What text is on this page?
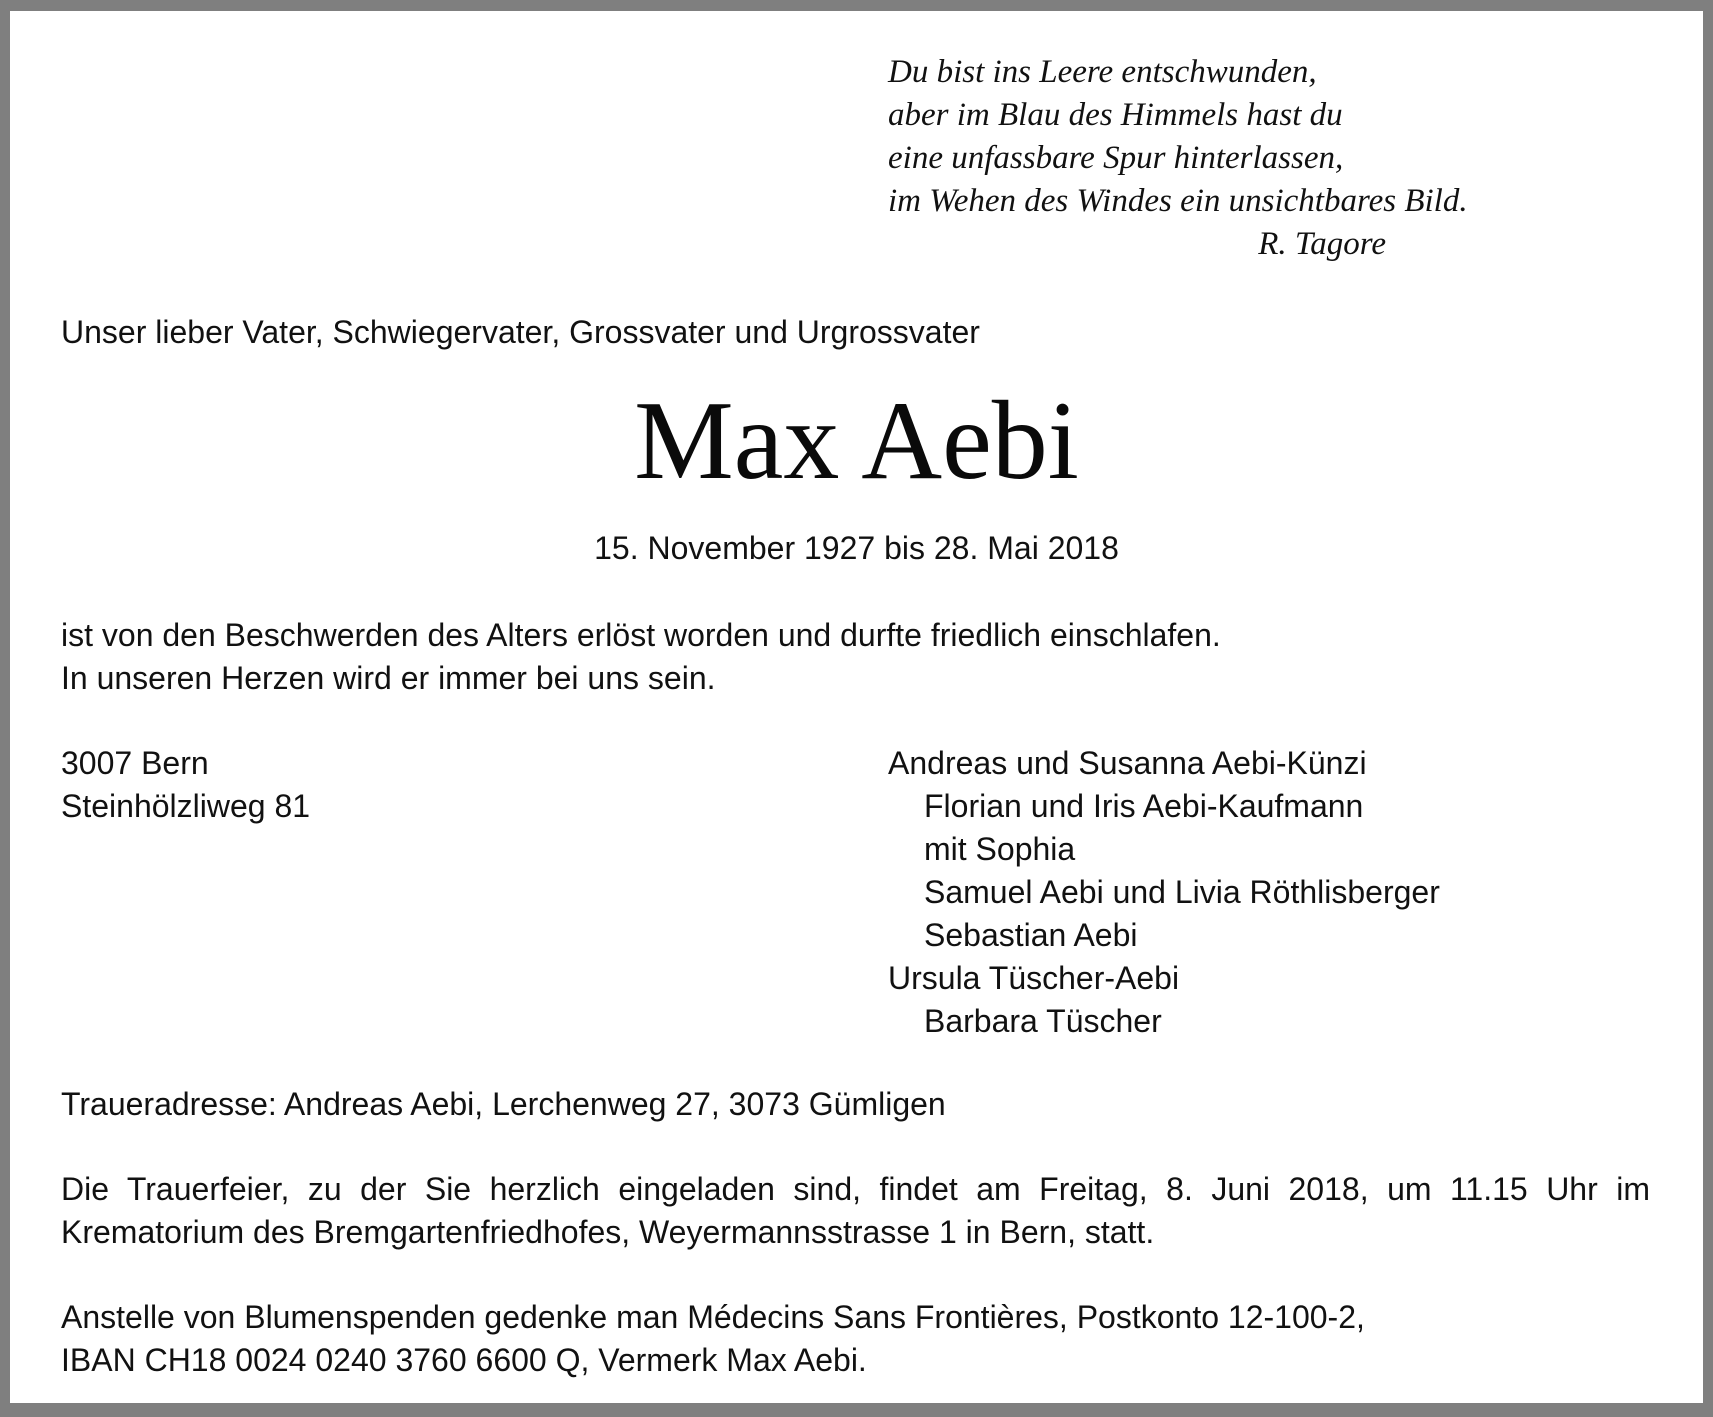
Du bist ins Leere entschwunden,
aber im Blau des Himmels hast du
eine unfassbare Spur hinterlassen,
im Wehen des Windes ein unsichtbares Bild.
R. Tagore
Unser lieber Vater, Schwiegervater, Grossvater und Urgrossvater
Max Aebi
15. November 1927 bis 28. Mai 2018
ist von den Beschwerden des Alters erlöst worden und durfte friedlich einschlafen.
In unseren Herzen wird er immer bei uns sein.
3007 Bern
Steinhölzliweg 81
Andreas und Susanna Aebi-Künzi
Florian und Iris Aebi-Kaufmann
mit Sophia
Samuel Aebi und Livia Röthlisberger
Sebastian Aebi
Ursula Tüscher-Aebi
Barbara Tüscher
Traueradresse: Andreas Aebi, Lerchenweg 27, 3073 Gümligen
Die Trauerfeier, zu der Sie herzlich eingeladen sind, findet am Freitag, 8. Juni 2018, um 11.15 Uhr im
Krematorium des Bremgartenfriedhofes, Weyermannsstrasse 1 in Bern, statt.
Anstelle von Blumenspenden gedenke man Médecins Sans Frontières, Postkonto 12-100-2,
IBAN CH18 0024 0240 3760 6600 Q, Vermerk Max Aebi.
